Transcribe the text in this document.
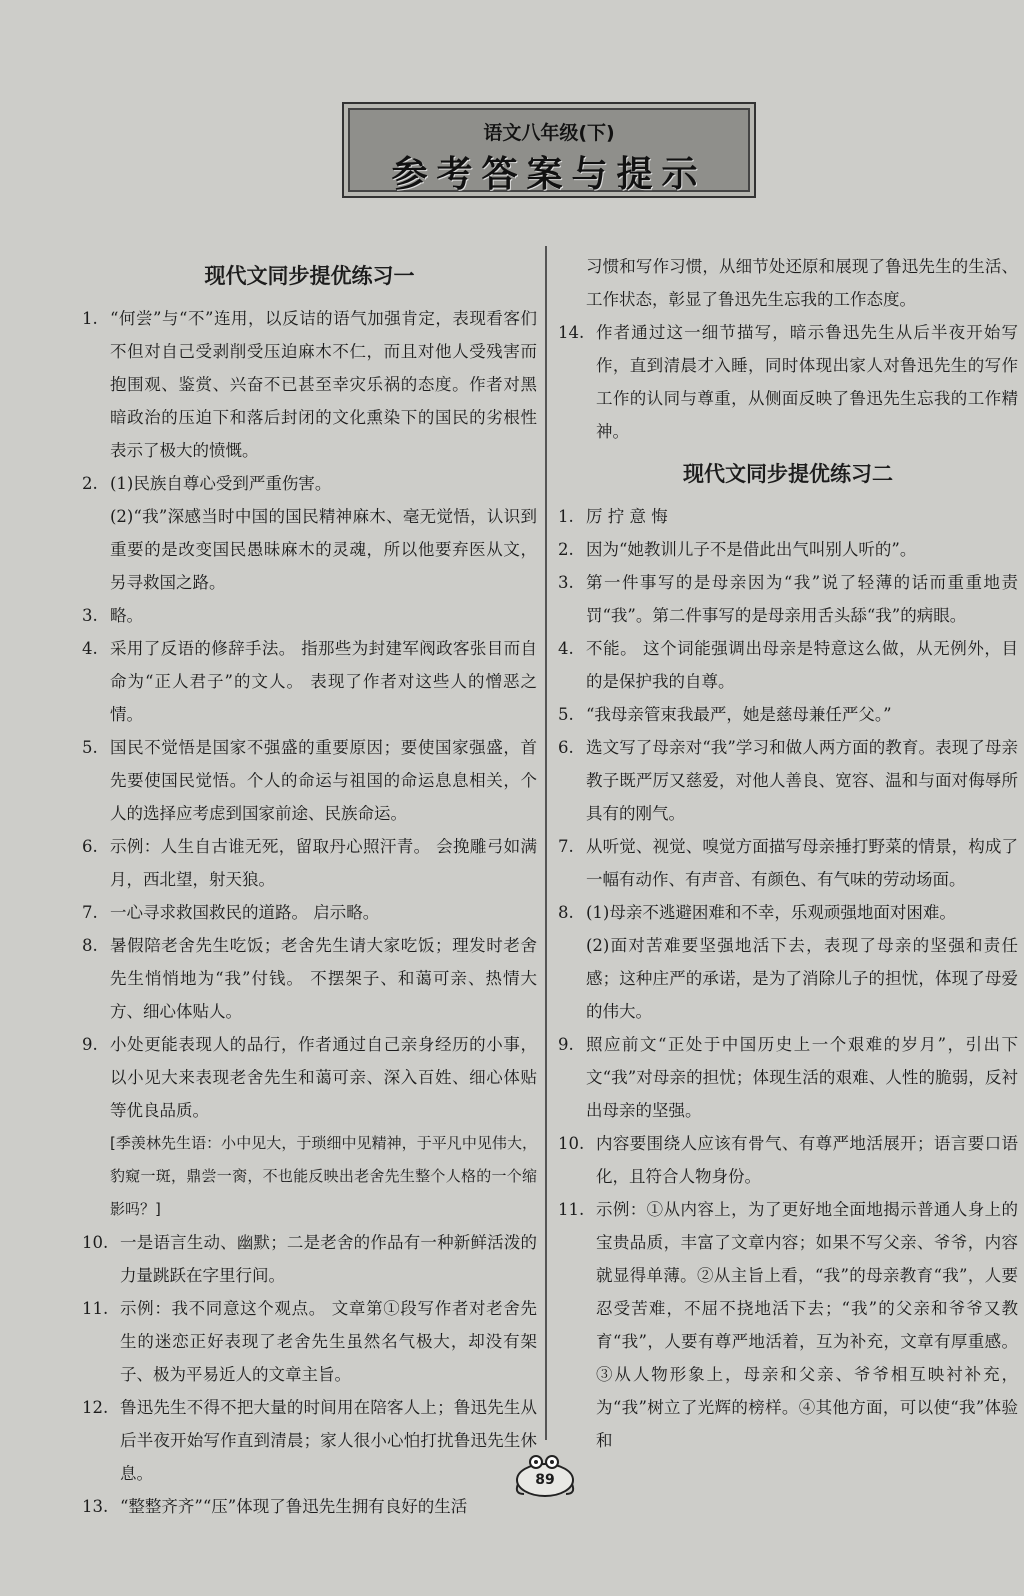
语文八年级(下)
参考答案与提示
现代文同步提优练习一
1. “何尝”与“不”连用，以反诘的语气加强肯定，表现看客们不但对自己受剥削受压迫麻木不仁，而且对他人受残害而抱围观、鉴赏、兴奋不已甚至幸灾乐祸的态度。作者对黑暗政治的压迫下和落后封闭的文化熏染下的国民的劣根性表示了极大的愤慨。
2. (1)民族自尊心受到严重伤害。
(2)“我”深感当时中国的国民精神麻木、毫无觉悟，认识到重要的是改变国民愚昧麻木的灵魂，所以他要弃医从文，另寻救国之路。
3. 略。
4. 采用了反语的修辞手法。 指那些为封建军阀政客张目而自命为“正人君子”的文人。 表现了作者对这些人的憎恶之情。
5. 国民不觉悟是国家不强盛的重要原因；要使国家强盛，首先要使国民觉悟。个人的命运与祖国的命运息息相关，个人的选择应考虑到国家前途、民族命运。
6. 示例：人生自古谁无死，留取丹心照汗青。 会挽雕弓如满月，西北望，射天狼。
7. 一心寻求救国救民的道路。 启示略。
8. 暑假陪老舍先生吃饭；老舍先生请大家吃饭；理发时老舍先生悄悄地为“我”付钱。 不摆架子、和蔼可亲、热情大方、细心体贴人。
9. 小处更能表现人的品行，作者通过自己亲身经历的小事，以小见大来表现老舍先生和蔼可亲、深入百姓、细心体贴等优良品质。
[季羡林先生语：小中见大，于琐细中见精神，于平凡中见伟大，豹窥一斑，鼎尝一脔，不也能反映出老舍先生整个人格的一个缩影吗？]
10. 一是语言生动、幽默；二是老舍的作品有一种新鲜活泼的力量跳跃在字里行间。
11. 示例：我不同意这个观点。 文章第①段写作者对老舍先生的迷恋正好表现了老舍先生虽然名气极大，却没有架子、极为平易近人的文章主旨。
12. 鲁迅先生不得不把大量的时间用在陪客人上；鲁迅先生从后半夜开始写作直到清晨；家人很小心怕打扰鲁迅先生休息。
13. “整整齐齐”“压”体现了鲁迅先生拥有良好的生活
习惯和写作习惯，从细节处还原和展现了鲁迅先生的生活、工作状态，彰显了鲁迅先生忘我的工作态度。
14. 作者通过这一细节描写，暗示鲁迅先生从后半夜开始写作，直到清晨才入睡，同时体现出家人对鲁迅先生的写作工作的认同与尊重，从侧面反映了鲁迅先生忘我的工作精神。
现代文同步提优练习二
1. 厉 拧 意 悔
2. 因为“她教训儿子不是借此出气叫别人听的”。
3. 第一件事写的是母亲因为“我”说了轻薄的话而重重地责罚“我”。第二件事写的是母亲用舌头舔“我”的病眼。
4. 不能。 这个词能强调出母亲是特意这么做，从无例外，目的是保护我的自尊。
5. “我母亲管束我最严，她是慈母兼任严父。”
6. 选文写了母亲对“我”学习和做人两方面的教育。表现了母亲教子既严厉又慈爱，对他人善良、宽容、温和与面对侮辱所具有的刚气。
7. 从听觉、视觉、嗅觉方面描写母亲捶打野菜的情景，构成了一幅有动作、有声音、有颜色、有气味的劳动场面。
8. (1)母亲不逃避困难和不幸，乐观顽强地面对困难。
(2)面对苦难要坚强地活下去，表现了母亲的坚强和责任感；这种庄严的承诺，是为了消除儿子的担忧，体现了母爱的伟大。
9. 照应前文“正处于中国历史上一个艰难的岁月”，引出下文“我”对母亲的担忧；体现生活的艰难、人性的脆弱，反衬出母亲的坚强。
10. 内容要围绕人应该有骨气、有尊严地活展开；语言要口语化，且符合人物身份。
11. 示例：①从内容上，为了更好地全面地揭示普通人身上的宝贵品质，丰富了文章内容；如果不写父亲、爷爷，内容就显得单薄。②从主旨上看，“我”的母亲教育“我”，人要忍受苦难，不屈不挠地活下去；“我”的父亲和爷爷又教育“我”，人要有尊严地活着，互为补充，文章有厚重感。③从人物形象上，母亲和父亲、爷爷相互映衬补充，为“我”树立了光辉的榜样。④其他方面，可以使“我”体验和
89
